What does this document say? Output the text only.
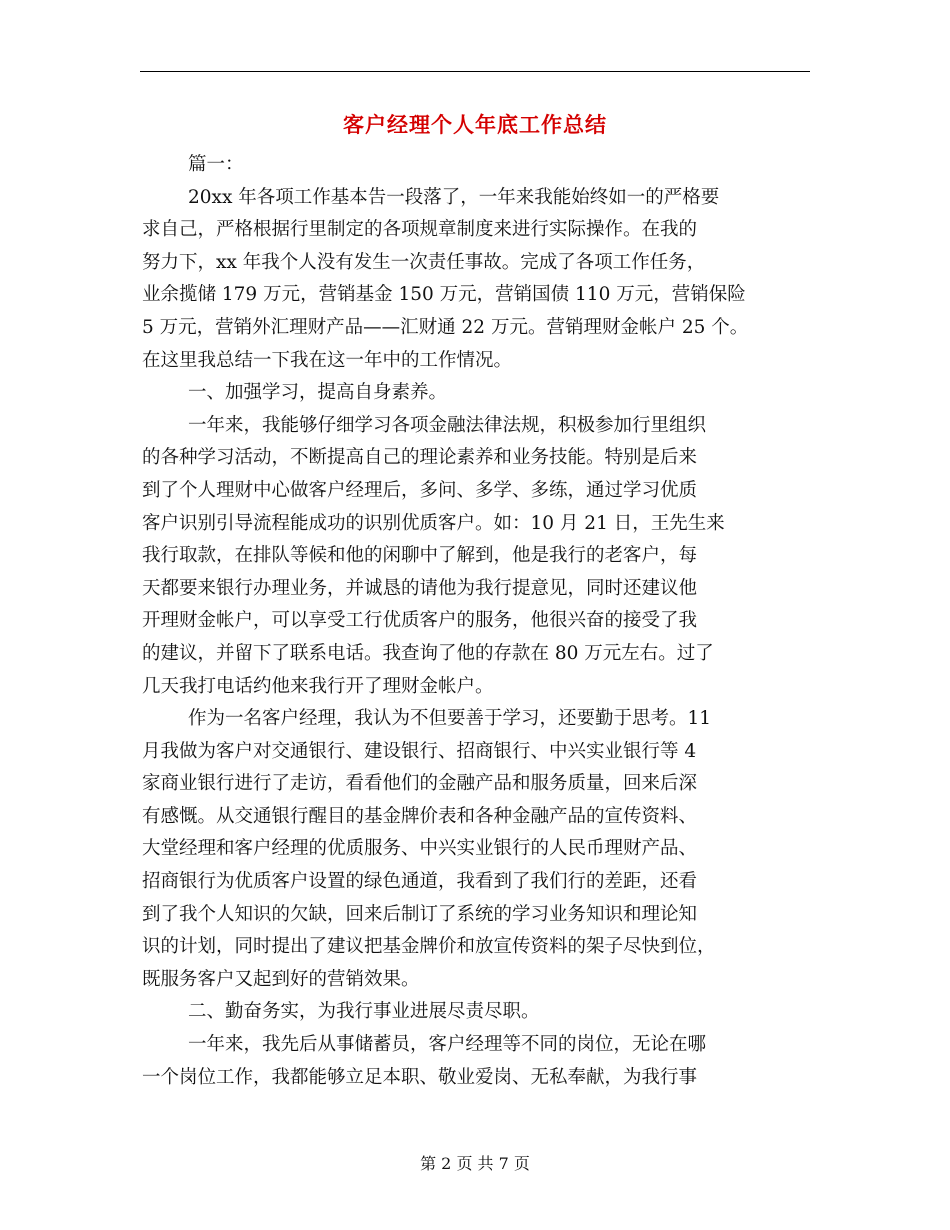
客户经理个人年底工作总结
篇一：
20xx 年各项工作基本告一段落了，一年来我能始终如一的严格要
求自己，严格根据行里制定的各项规章制度来进行实际操作。在我的
努力下，xx 年我个人没有发生一次责任事故。完成了各项工作任务，
业余揽储 179 万元，营销基金 150 万元，营销国债 110 万元，营销保险
5 万元，营销外汇理财产品——汇财通 22 万元。营销理财金帐户 25 个。
在这里我总结一下我在这一年中的工作情况。
一、加强学习，提高自身素养。
一年来，我能够仔细学习各项金融法律法规，积极参加行里组织
的各种学习活动，不断提高自己的理论素养和业务技能。特别是后来
到了个人理财中心做客户经理后，多问、多学、多练，通过学习优质
客户识别引导流程能成功的识别优质客户。如：10 月 21 日，王先生来
我行取款，在排队等候和他的闲聊中了解到，他是我行的老客户，每
天都要来银行办理业务，并诚恳的请他为我行提意见，同时还建议他
开理财金帐户，可以享受工行优质客户的服务，他很兴奋的接受了我
的建议，并留下了联系电话。我查询了他的存款在 80 万元左右。过了
几天我打电话约他来我行开了理财金帐户。
作为一名客户经理，我认为不但要善于学习，还要勤于思考。11
月我做为客户对交通银行、建设银行、招商银行、中兴实业银行等 4
家商业银行进行了走访，看看他们的金融产品和服务质量，回来后深
有感慨。从交通银行醒目的基金牌价表和各种金融产品的宣传资料、
大堂经理和客户经理的优质服务、中兴实业银行的人民币理财产品、
招商银行为优质客户设置的绿色通道，我看到了我们行的差距，还看
到了我个人知识的欠缺，回来后制订了系统的学习业务知识和理论知
识的计划，同时提出了建议把基金牌价和放宣传资料的架子尽快到位，
既服务客户又起到好的营销效果。
二、勤奋务实，为我行事业进展尽责尽职。
一年来，我先后从事储蓄员，客户经理等不同的岗位，无论在哪
一个岗位工作，我都能够立足本职、敬业爱岗、无私奉献，为我行事
第 2 页 共 7 页
